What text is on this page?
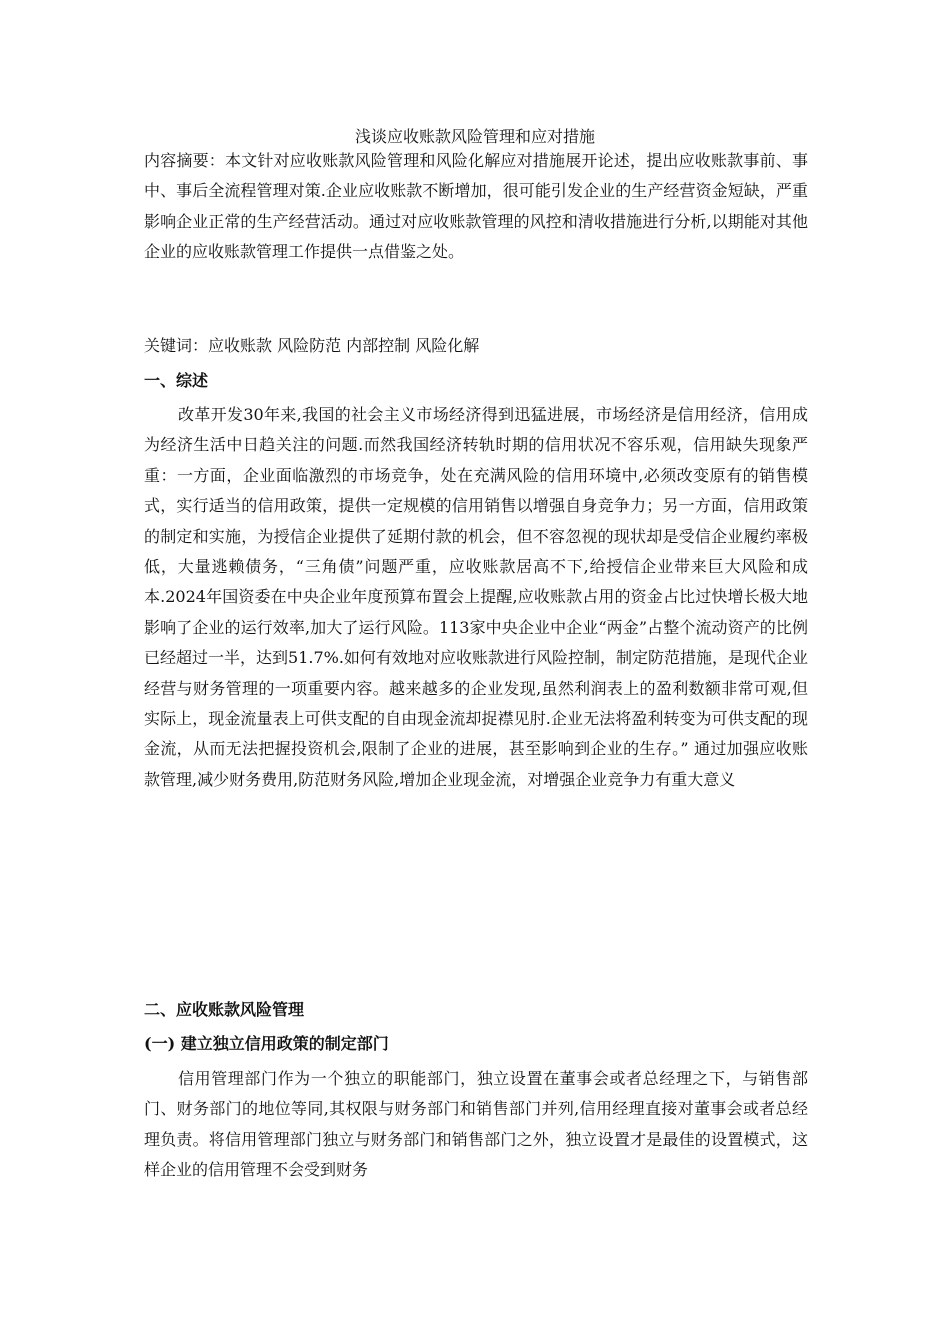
浅谈应收账款风险管理和应对措施

内容摘要：本文针对应收账款风险管理和风险化解应对措施展开论述，提出应收账款事前、事中、事后全流程管理对策.企业应收账款不断增加，很可能引发企业的生产经营资金短缺，严重影响企业正常的生产经营活动。通过对应收账款管理的风控和清收措施进行分析,以期能对其他企业的应收账款管理工作提供一点借鉴之处。

关键词：应收账款 风险防范 内部控制 风险化解

一、综述

改革开发30年来,我国的社会主义市场经济得到迅猛进展，市场经济是信用经济，信用成为经济生活中日趋关注的问题.而然我国经济转轨时期的信用状况不容乐观，信用缺失现象严重：一方面，企业面临激烈的市场竞争，处在充满风险的信用环境中,必须改变原有的销售模式，实行适当的信用政策，提供一定规模的信用销售以增强自身竞争力；另一方面，信用政策的制定和实施，为授信企业提供了延期付款的机会，但不容忽视的现状却是受信企业履约率极低，大量逃赖债务，“三角债”问题严重，应收账款居高不下,给授信企业带来巨大风险和成本.2024年国资委在中央企业年度预算布置会上提醒,应收账款占用的资金占比过快增长极大地影响了企业的运行效率,加大了运行风险。113家中央企业中企业“两金”占整个流动资产的比例已经超过一半，达到51.7%.如何有效地对应收账款进行风险控制，制定防范措施，是现代企业经营与财务管理的一项重要内容。越来越多的企业发现,虽然利润表上的盈利数额非常可观,但实际上，现金流量表上可供支配的自由现金流却捉襟见肘.企业无法将盈利转变为可供支配的现金流，从而无法把握投资机会,限制了企业的进展，甚至影响到企业的生存。” 通过加强应收账款管理,减少财务费用,防范财务风险,增加企业现金流，对增强企业竞争力有重大意义

二、应收账款风险管理
(一) 建立独立信用政策的制定部门

信用管理部门作为一个独立的职能部门，独立设置在董事会或者总经理之下，与销售部门、财务部门的地位等同,其权限与财务部门和销售部门并列,信用经理直接对董事会或者总经理负责。将信用管理部门独立与财务部门和销售部门之外，独立设置才是最佳的设置模式，这样企业的信用管理不会受到财务
